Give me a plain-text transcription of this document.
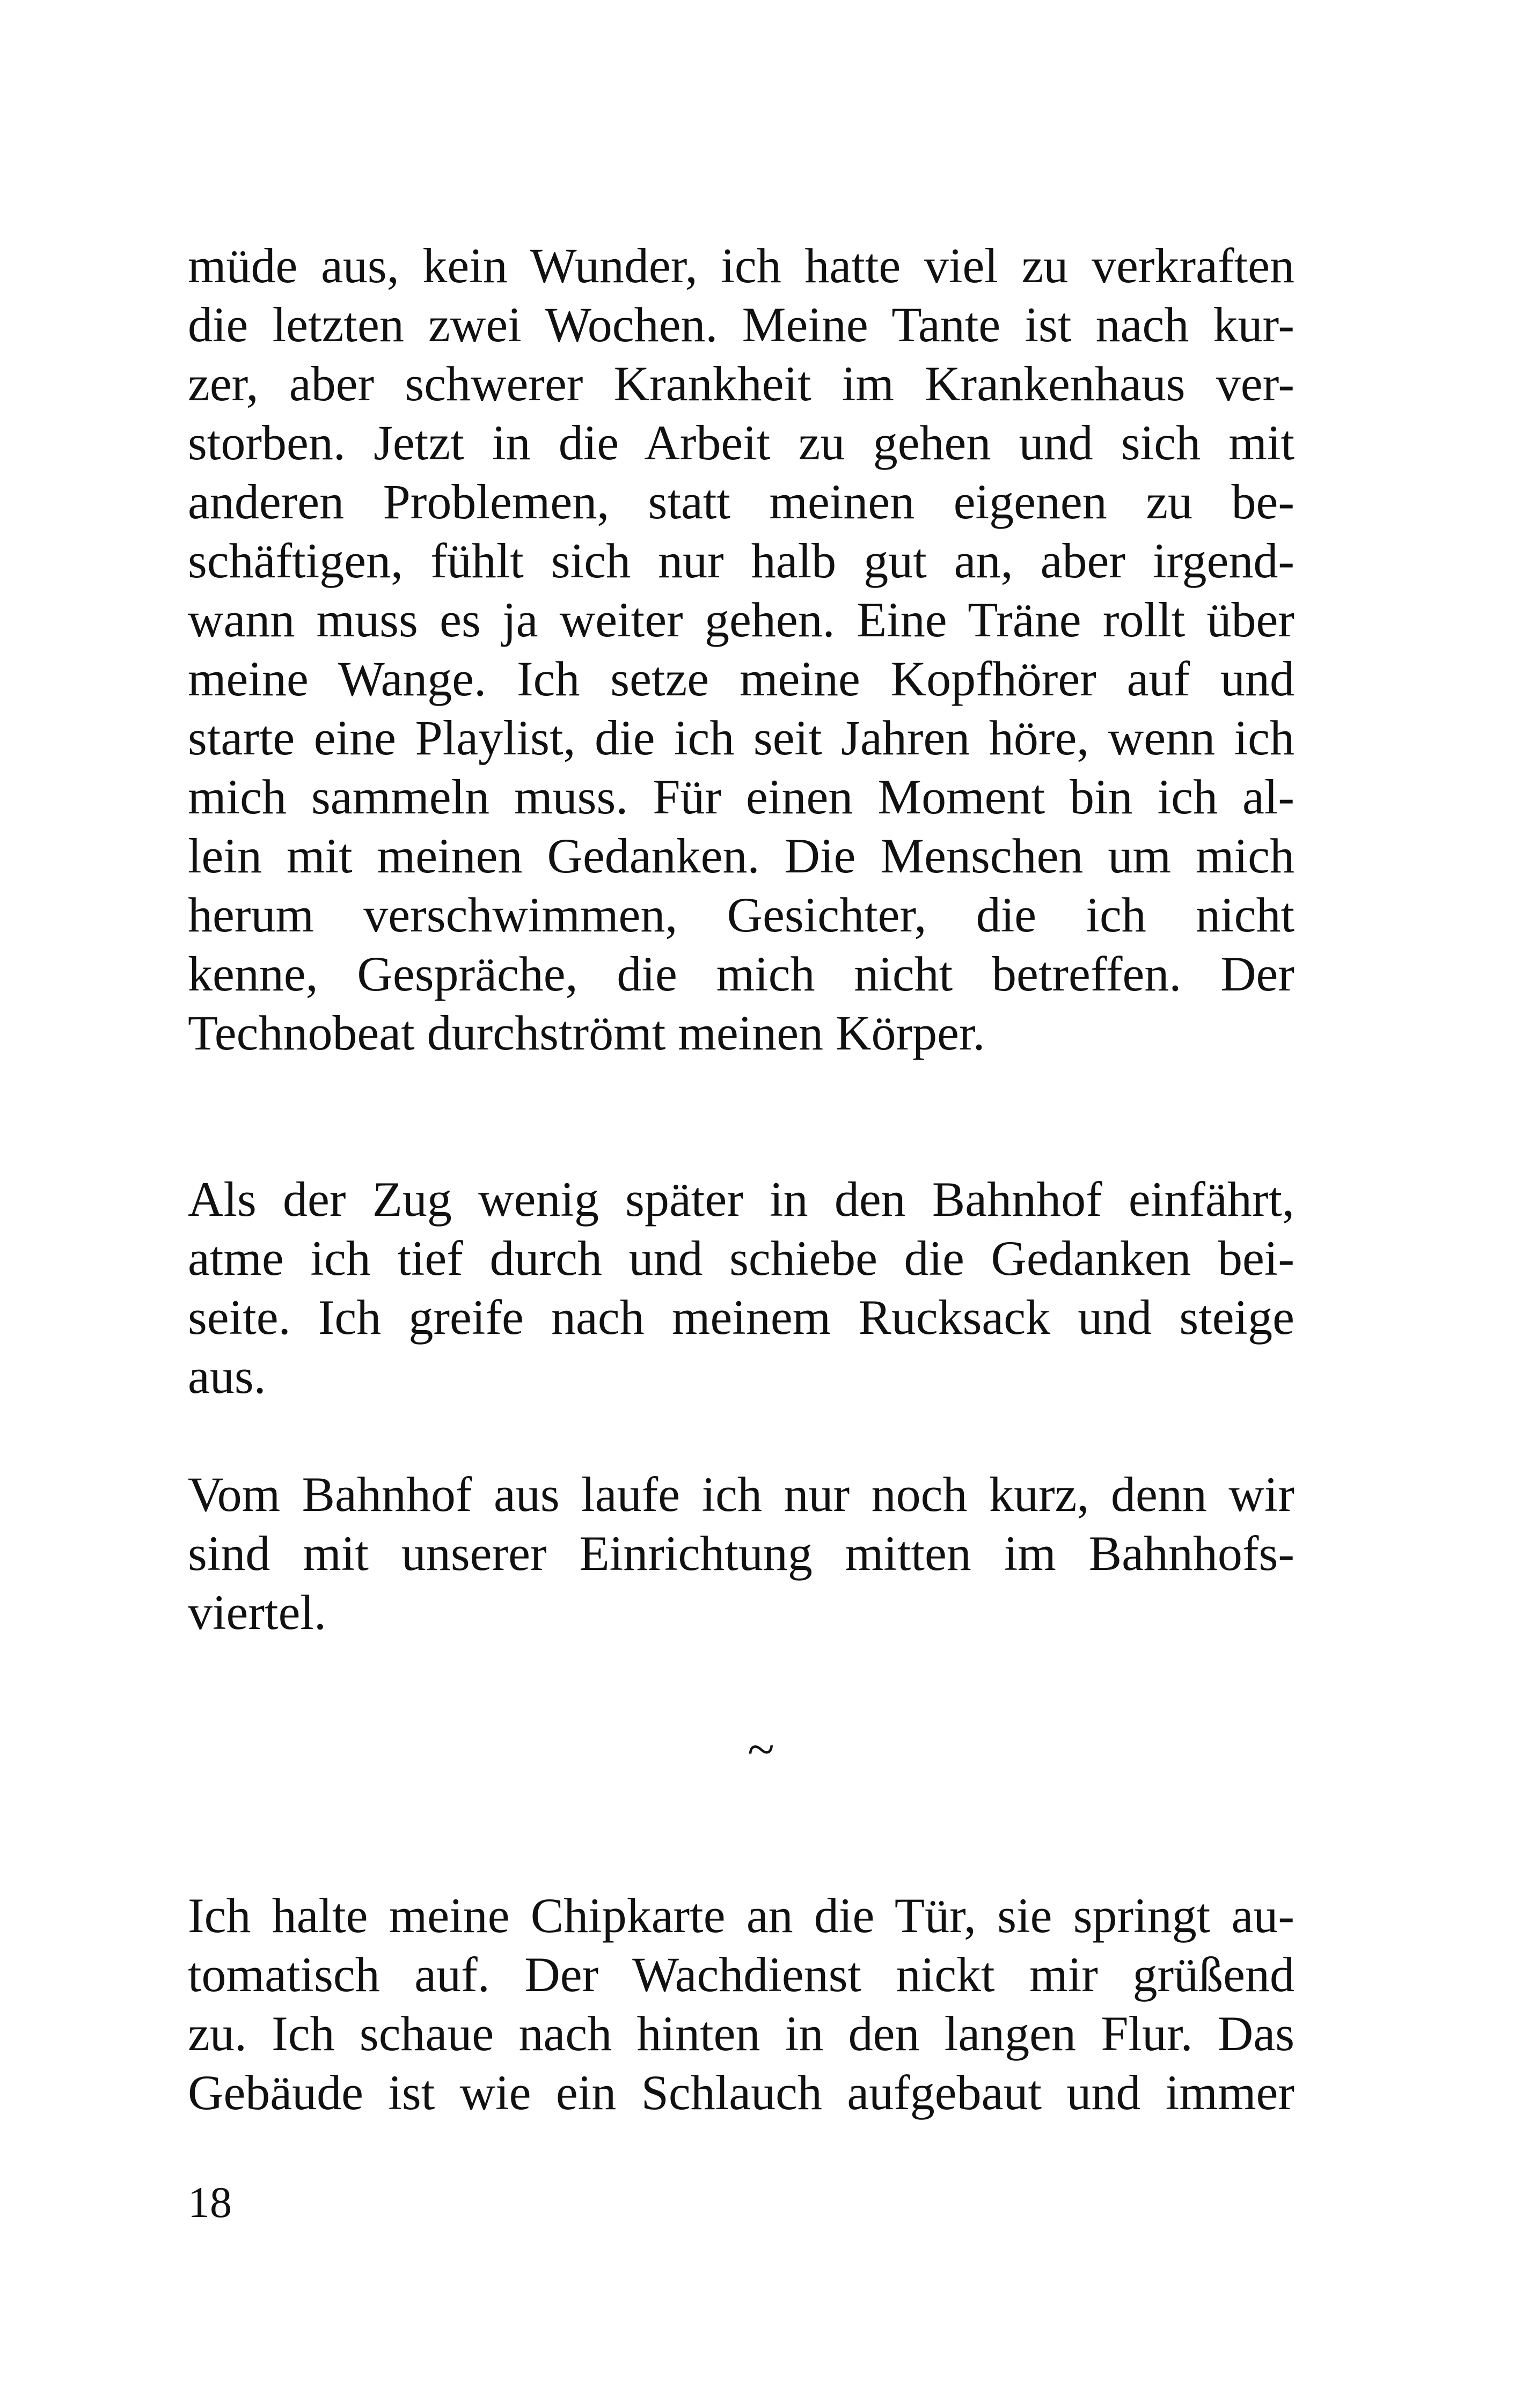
müde aus, kein Wunder, ich hatte viel zu verkraften
die letzten zwei Wochen. Meine Tante ist nach kur-
zer, aber schwerer Krankheit im Krankenhaus ver-
storben. Jetzt in die Arbeit zu gehen und sich mit
anderen Problemen, statt meinen eigenen zu be-
schäftigen, fühlt sich nur halb gut an, aber irgend-
wann muss es ja weiter gehen. Eine Träne rollt über
meine Wange. Ich setze meine Kopfhörer auf und
starte eine Playlist, die ich seit Jahren höre, wenn ich
mich sammeln muss. Für einen Moment bin ich al-
lein mit meinen Gedanken. Die Menschen um mich
herum verschwimmen, Gesichter, die ich nicht
kenne, Gespräche, die mich nicht betreffen. Der
Technobeat durchströmt meinen Körper.
Als der Zug wenig später in den Bahnhof einfährt,
atme ich tief durch und schiebe die Gedanken bei-
seite. Ich greife nach meinem Rucksack und steige
aus.
Vom Bahnhof aus laufe ich nur noch kurz, denn wir
sind mit unserer Einrichtung mitten im Bahnhofs-
viertel.
~
Ich halte meine Chipkarte an die Tür, sie springt au-
tomatisch auf. Der Wachdienst nickt mir grüßend
zu. Ich schaue nach hinten in den langen Flur. Das
Gebäude ist wie ein Schlauch aufgebaut und immer
18
